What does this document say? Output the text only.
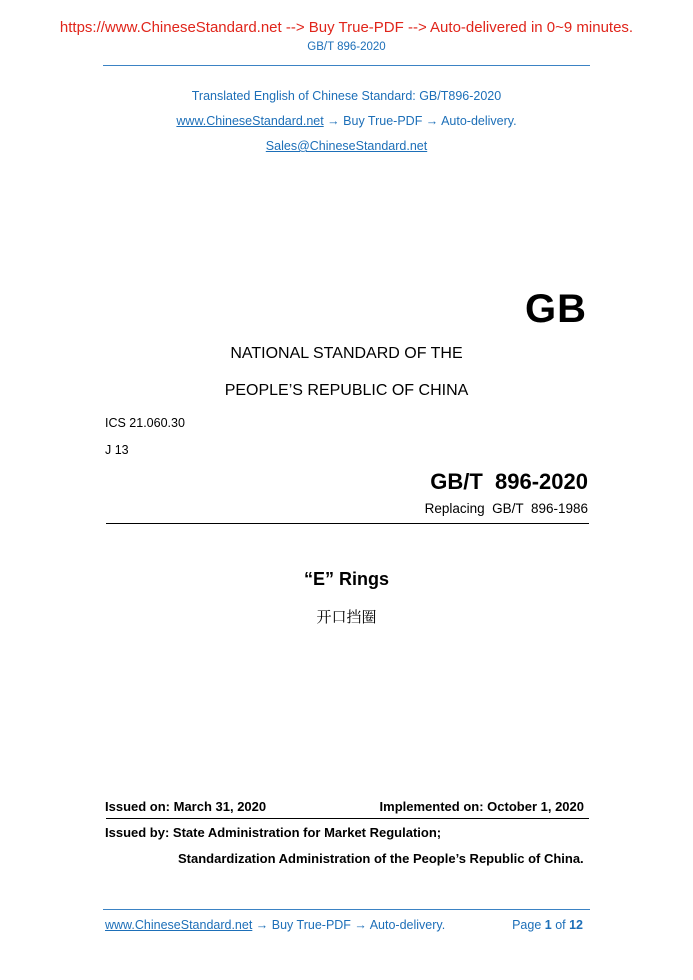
https://www.ChineseStandard.net --> Buy True-PDF --> Auto-delivered in 0~9 minutes.
GB/T 896-2020
Translated English of Chinese Standard: GB/T896-2020
www.ChineseStandard.net → Buy True-PDF → Auto-delivery.
Sales@ChineseStandard.net
GB
NATIONAL STANDARD OF THE
PEOPLE’S REPUBLIC OF CHINA
ICS 21.060.30
J 13
GB/T  896-2020
Replacing  GB/T  896-1986
“E” Rings
开口挡圈
Issued on: March 31, 2020	Implemented on: October 1, 2020
Issued by: State Administration for Market Regulation;
Standardization Administration of the People’s Republic of China.
www.ChineseStandard.net → Buy True-PDF → Auto-delivery.	Page 1 of 12
